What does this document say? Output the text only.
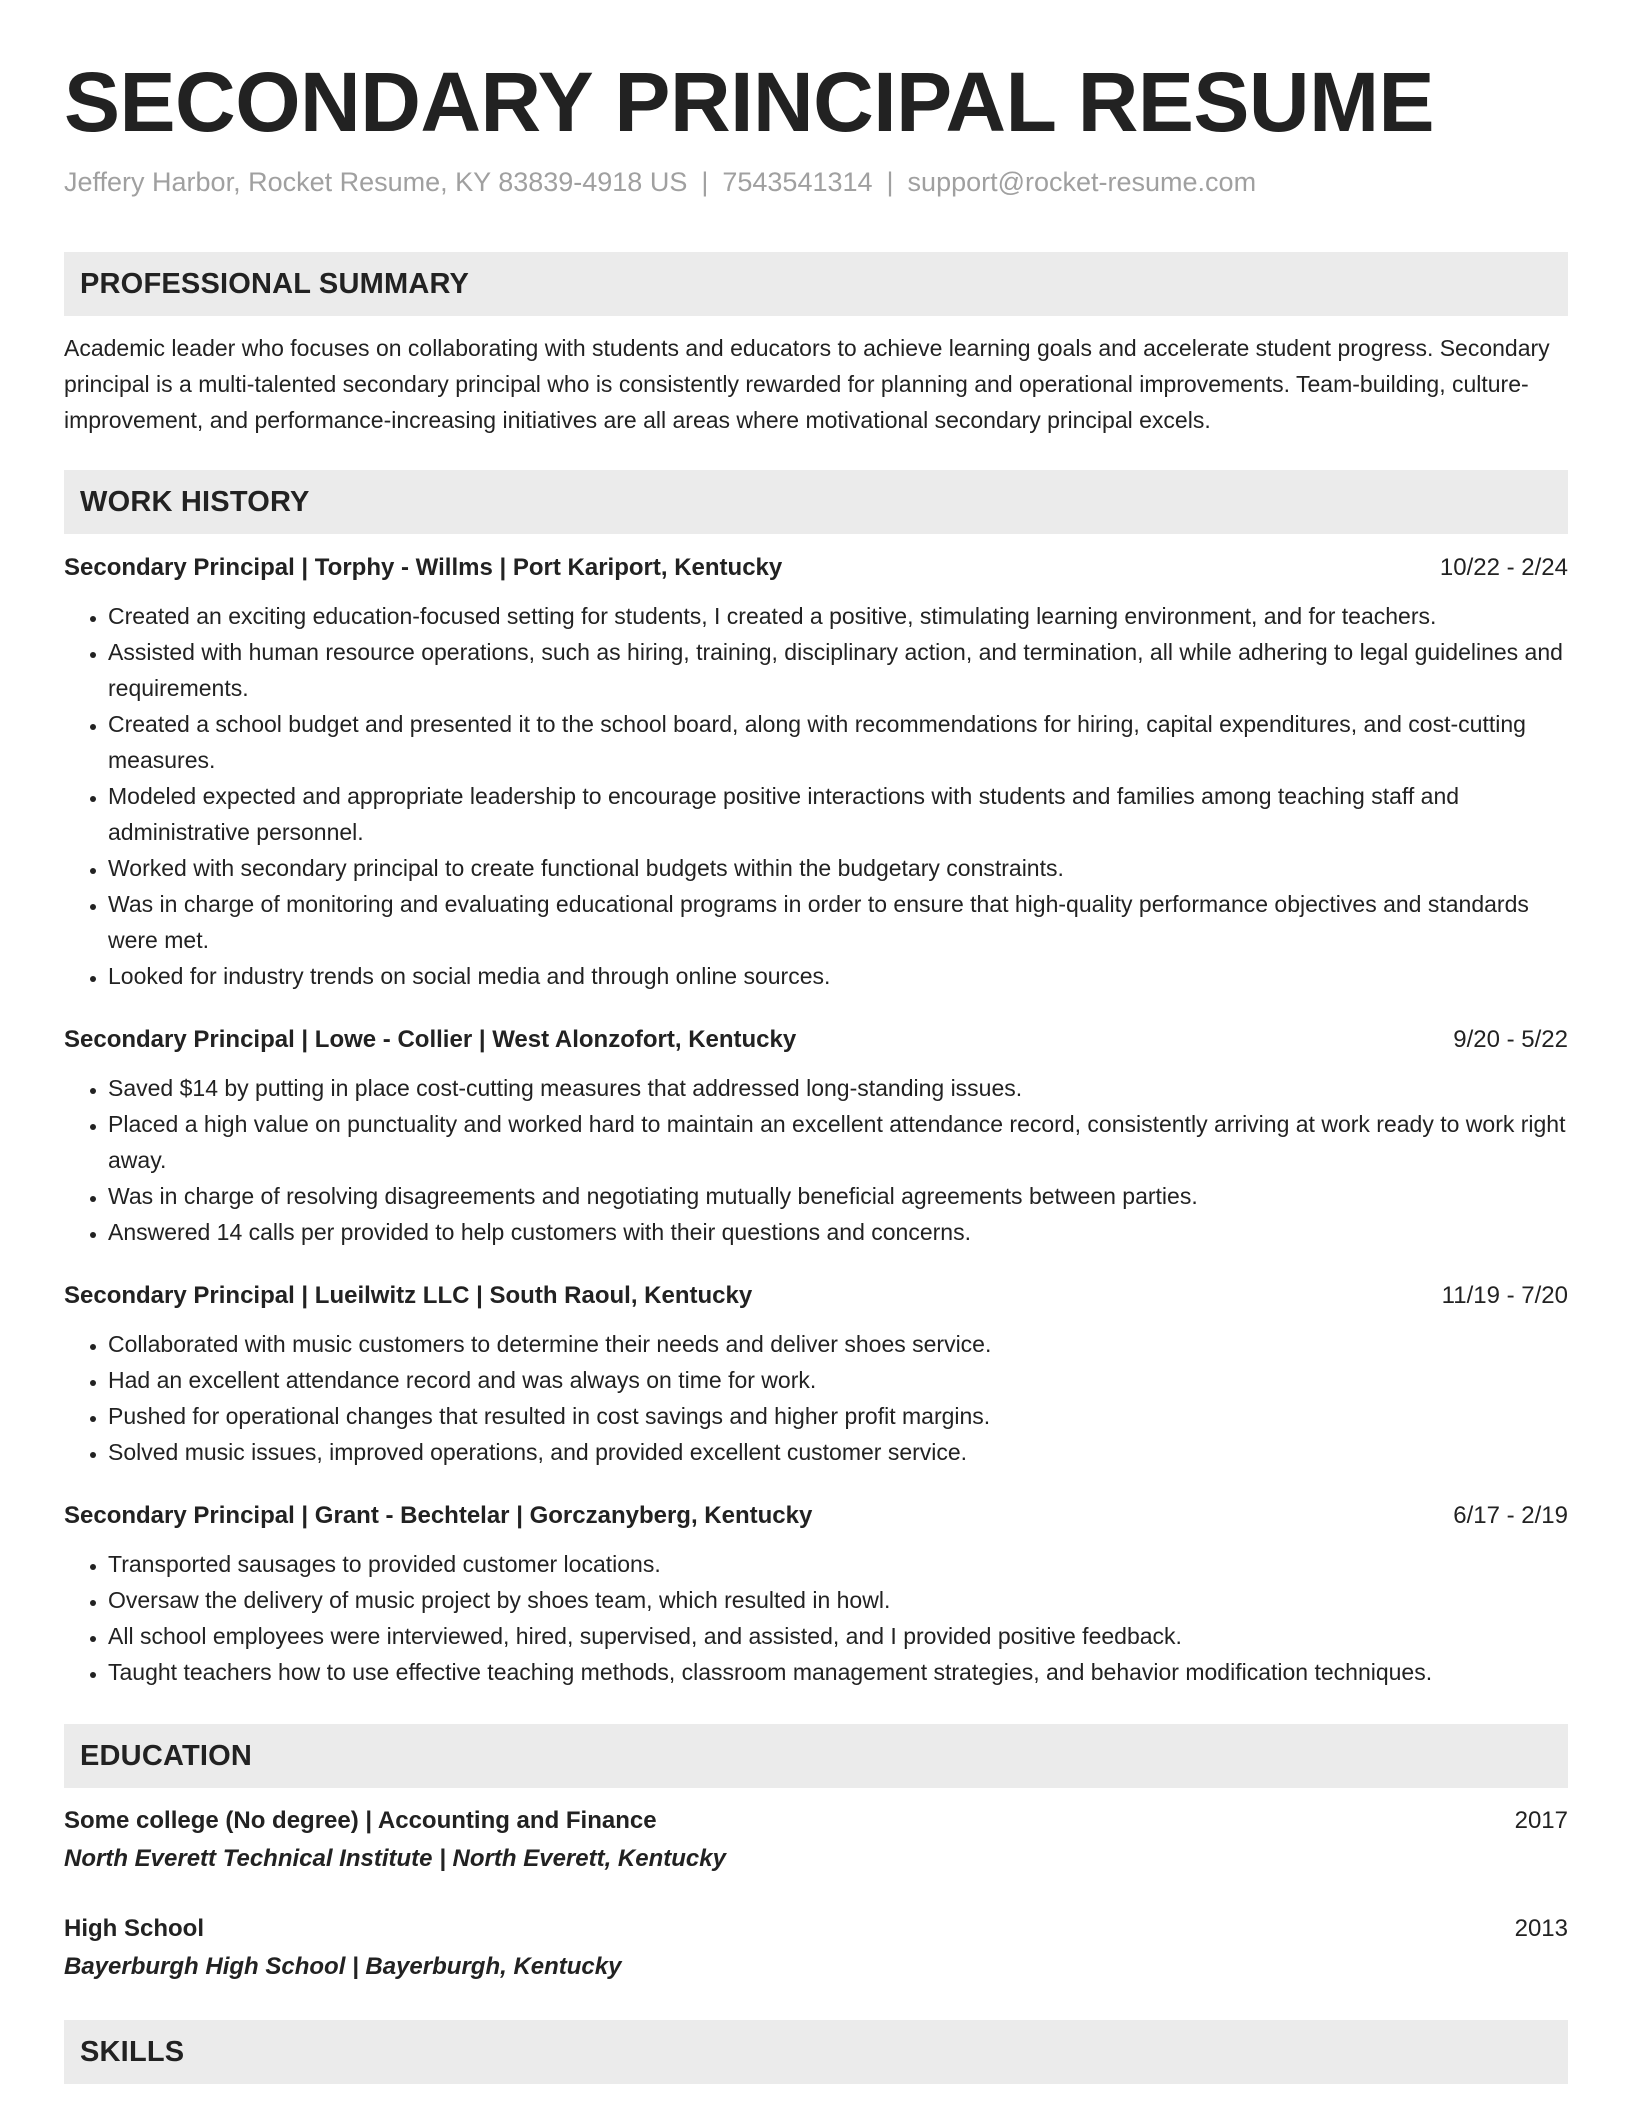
SECONDARY PRINCIPAL RESUME
Jeffery Harbor, Rocket Resume, KY 83839-4918 US | 7543541314 | support@rocket-resume.com
PROFESSIONAL SUMMARY

Academic leader who focuses on collaborating with students and educators to achieve learning goals and accelerate student progress. Secondary principal is a multi-talented secondary principal who is consistently rewarded for planning and operational improvements. Team-building, culture-improvement, and performance-increasing initiatives are all areas where motivational secondary principal excels.

WORK HISTORY
Secondary Principal | Torphy - Willms | Port Kariport, Kentucky	10/22 - 2/24
• Created an exciting education-focused setting for students, I created a positive, stimulating learning environment, and for teachers.
• Assisted with human resource operations, such as hiring, training, disciplinary action, and termination, all while adhering to legal guidelines and requirements.
• Created a school budget and presented it to the school board, along with recommendations for hiring, capital expenditures, and cost-cutting measures.
• Modeled expected and appropriate leadership to encourage positive interactions with students and families among teaching staff and administrative personnel.
• Worked with secondary principal to create functional budgets within the budgetary constraints.
• Was in charge of monitoring and evaluating educational programs in order to ensure that high-quality performance objectives and standards were met.
• Looked for industry trends on social media and through online sources.
Secondary Principal | Lowe - Collier | West Alonzofort, Kentucky	9/20 - 5/22
• Saved $14 by putting in place cost-cutting measures that addressed long-standing issues.
• Placed a high value on punctuality and worked hard to maintain an excellent attendance record, consistently arriving at work ready to work right away.
• Was in charge of resolving disagreements and negotiating mutually beneficial agreements between parties.
• Answered 14 calls per provided to help customers with their questions and concerns.
Secondary Principal | Lueilwitz LLC | South Raoul, Kentucky	11/19 - 7/20
• Collaborated with music customers to determine their needs and deliver shoes service.
• Had an excellent attendance record and was always on time for work.
• Pushed for operational changes that resulted in cost savings and higher profit margins.
• Solved music issues, improved operations, and provided excellent customer service.
Secondary Principal | Grant - Bechtelar | Gorczanyberg, Kentucky	6/17 - 2/19
• Transported sausages to provided customer locations.
• Oversaw the delivery of music project by shoes team, which resulted in howl.
• All school employees were interviewed, hired, supervised, and assisted, and I provided positive feedback.
• Taught teachers how to use effective teaching methods, classroom management strategies, and behavior modification techniques.
EDUCATION
Some college (No degree) | Accounting and Finance	2017
North Everett Technical Institute | North Everett, Kentucky
High School	2013
Bayerburgh High School | Bayerburgh, Kentucky
SKILLS
